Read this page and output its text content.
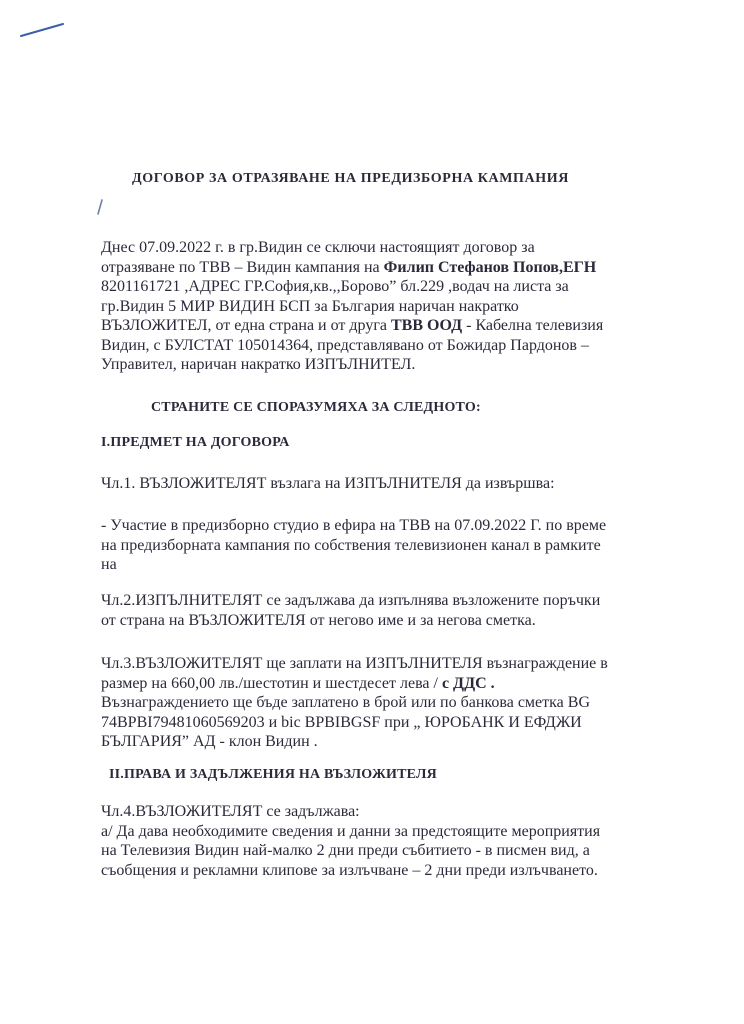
ДОГОВОР ЗА ОТРАЗЯВАНЕ НА ПРЕДИЗБОРНА КАМПАНИЯ
Днес 07.09.2022 г. в гр.Видин се сключи настоящият договор за
отразяване по ТВВ – Видин кампания на Филип Стефанов Попов,ЕГН
8201161721 ,АДРЕС ГР.София,кв.,,Борово” бл.229 ,водач на листа за
гр.Видин 5 МИР ВИДИН БСП за България наричан накратко
ВЪЗЛОЖИТЕЛ, от една страна и от друга ТВВ ООД - Кабелна телевизия
Видин, с БУЛСТАТ 105014364, представлявано от Божидар Пардонов –
Управител, наричан накратко ИЗПЪЛНИТЕЛ.
СТРАНИТЕ СЕ СПОРАЗУМЯХА ЗА СЛЕДНОТО:
I.ПРЕДМЕТ НА ДОГОВОРА
Чл.1. ВЪЗЛОЖИТЕЛЯТ възлага на ИЗПЪЛНИТЕЛЯ да извършва:
- Участие в предизборно студио в ефира на ТВВ на 07.09.2022 Г. по време
на предизборната кампания по собствения телевизионен канал в рамките
на
Чл.2.ИЗПЪЛНИТЕЛЯТ се задължава да изпълнява възложените поръчки
от страна на ВЪЗЛОЖИТЕЛЯ от негово име и за негова сметка.
Чл.3.ВЪЗЛОЖИТЕЛЯТ ще заплати на ИЗПЪЛНИТЕЛЯ възнаграждение в
размер на 660,00 лв./шестотин и шестдесет лева / с ДДС .
Възнаграждението ще бъде заплатено в брой или по банкова сметка BG
74BPBI79481060569203 и bic BPBIBGSF при „ ЮРОБАНК И ЕФДЖИ
БЪЛГАРИЯ” АД - клон Видин .
II.ПРАВА И ЗАДЪЛЖЕНИЯ НА ВЪЗЛОЖИТЕЛЯ
Чл.4.ВЪЗЛОЖИТЕЛЯТ се задължава:
а/ Да дава необходимите сведения и данни за предстоящите мероприятия
на Телевизия Видин най-малко 2 дни преди събитието - в писмен вид, а
съобщения и рекламни клипове за излъчване – 2 дни преди излъчването.
